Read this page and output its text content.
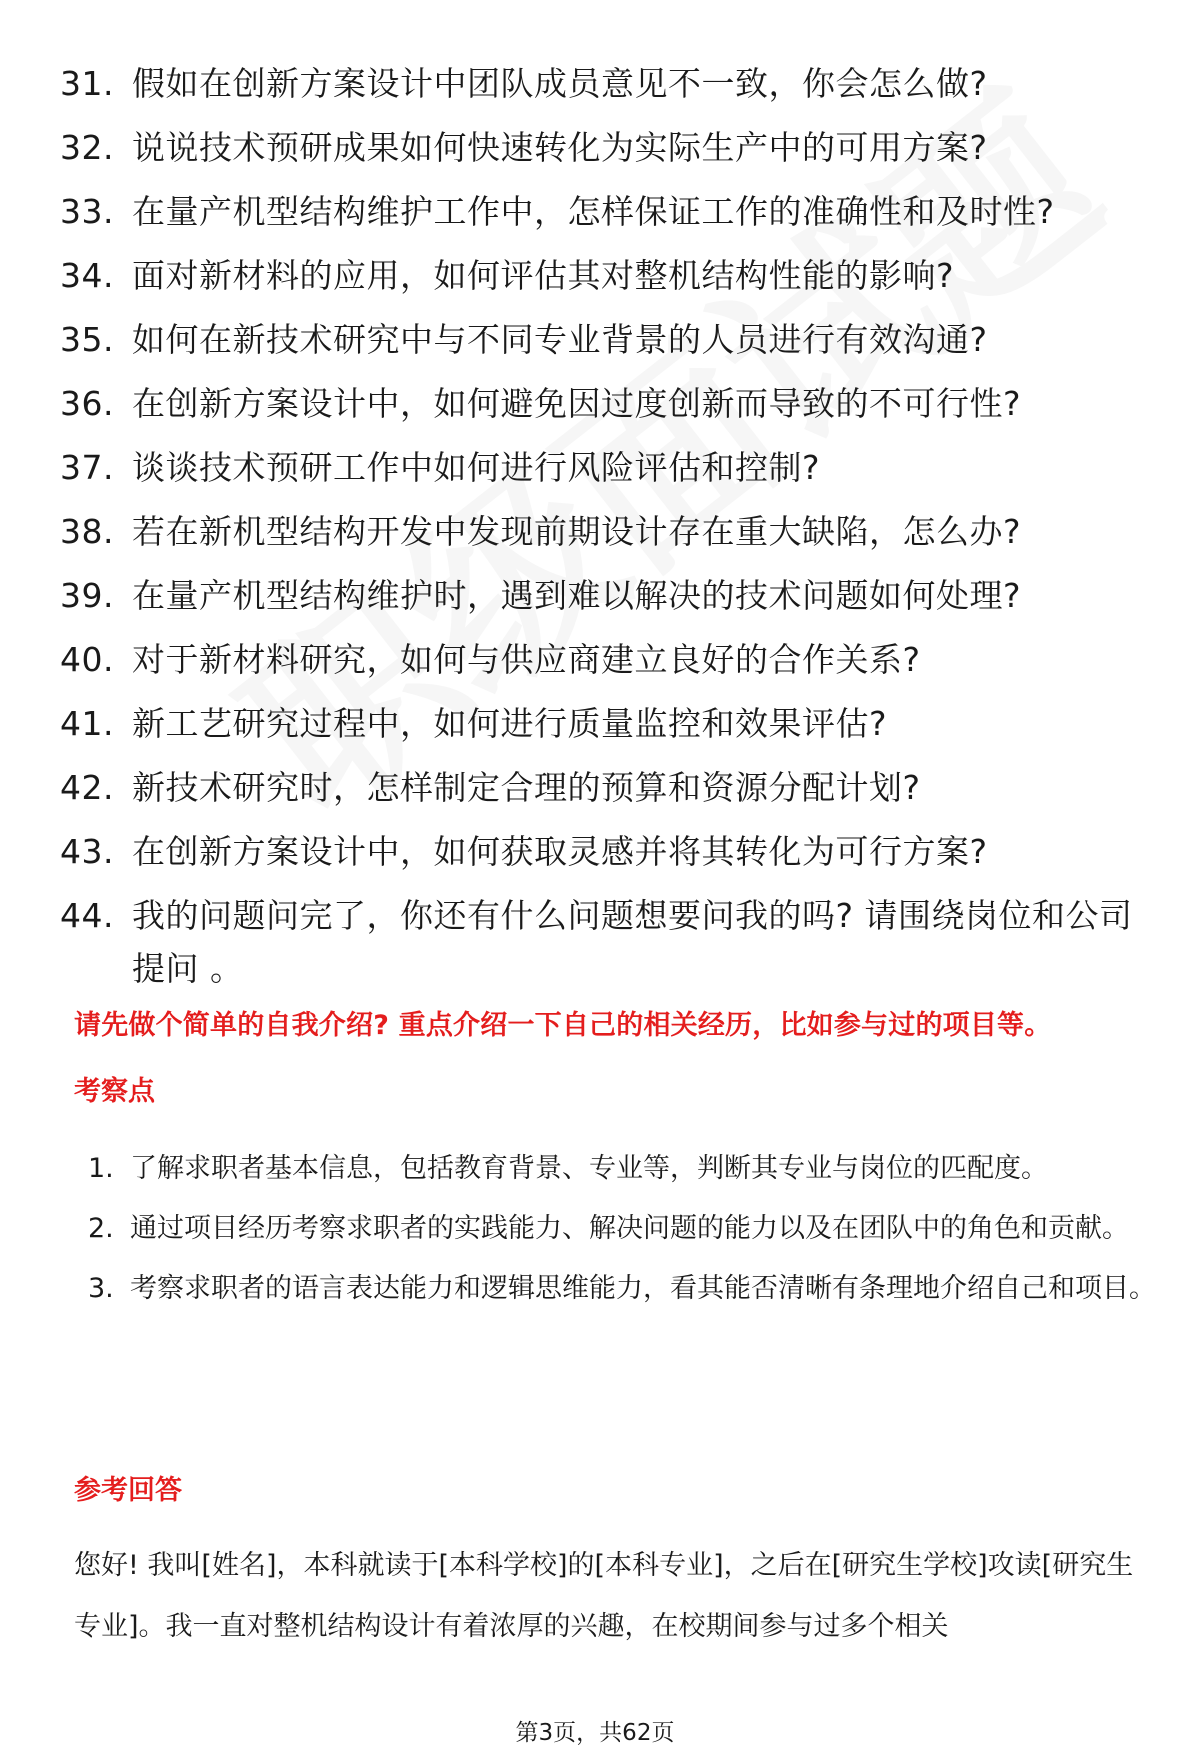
31. 假如在创新方案设计中团队成员意见不一致，你会怎么做?
32. 说说技术预研成果如何快速转化为实际生产中的可用方案?
33. 在量产机型结构维护工作中，怎样保证工作的准确性和及时性?
34. 面对新材料的应用，如何评估其对整机结构性能的影响?
35. 如何在新技术研究中与不同专业背景的人员进行有效沟通?
36. 在创新方案设计中，如何避免因过度创新而导致的不可行性?
37. 谈谈技术预研工作中如何进行风险评估和控制?
38. 若在新机型结构开发中发现前期设计存在重大缺陷，怎么办?
39. 在量产机型结构维护时，遇到难以解决的技术问题如何处理?
40. 对于新材料研究，如何与供应商建立良好的合作关系?
41. 新工艺研究过程中，如何进行质量监控和效果评估?
42. 新技术研究时，怎样制定合理的预算和资源分配计划?
43. 在创新方案设计中，如何获取灵感并将其转化为可行方案?
44. 我的问题问完了，你还有什么问题想要问我的吗? 请围绕岗位和公司提问 。
请先做个简单的自我介绍? 重点介绍一下自己的相关经历，比如参与过的项目等。
考察点
1. 了解求职者基本信息，包括教育背景、专业等，判断其专业与岗位的匹配度。
2. 通过项目经历考察求职者的实践能力、解决问题的能力以及在团队中的角色和贡献。
3. 考察求职者的语言表达能力和逻辑思维能力，看其能否清晰有条理地介绍自己和项目。
参考回答
您好! 我叫[姓名]，本科就读于[本科学校]的[本科专业]，之后在[研究生学校]攻读[研究生专业]。我一直对整机结构设计有着浓厚的兴趣，在校期间参与过多个相关
第3页，共62页
